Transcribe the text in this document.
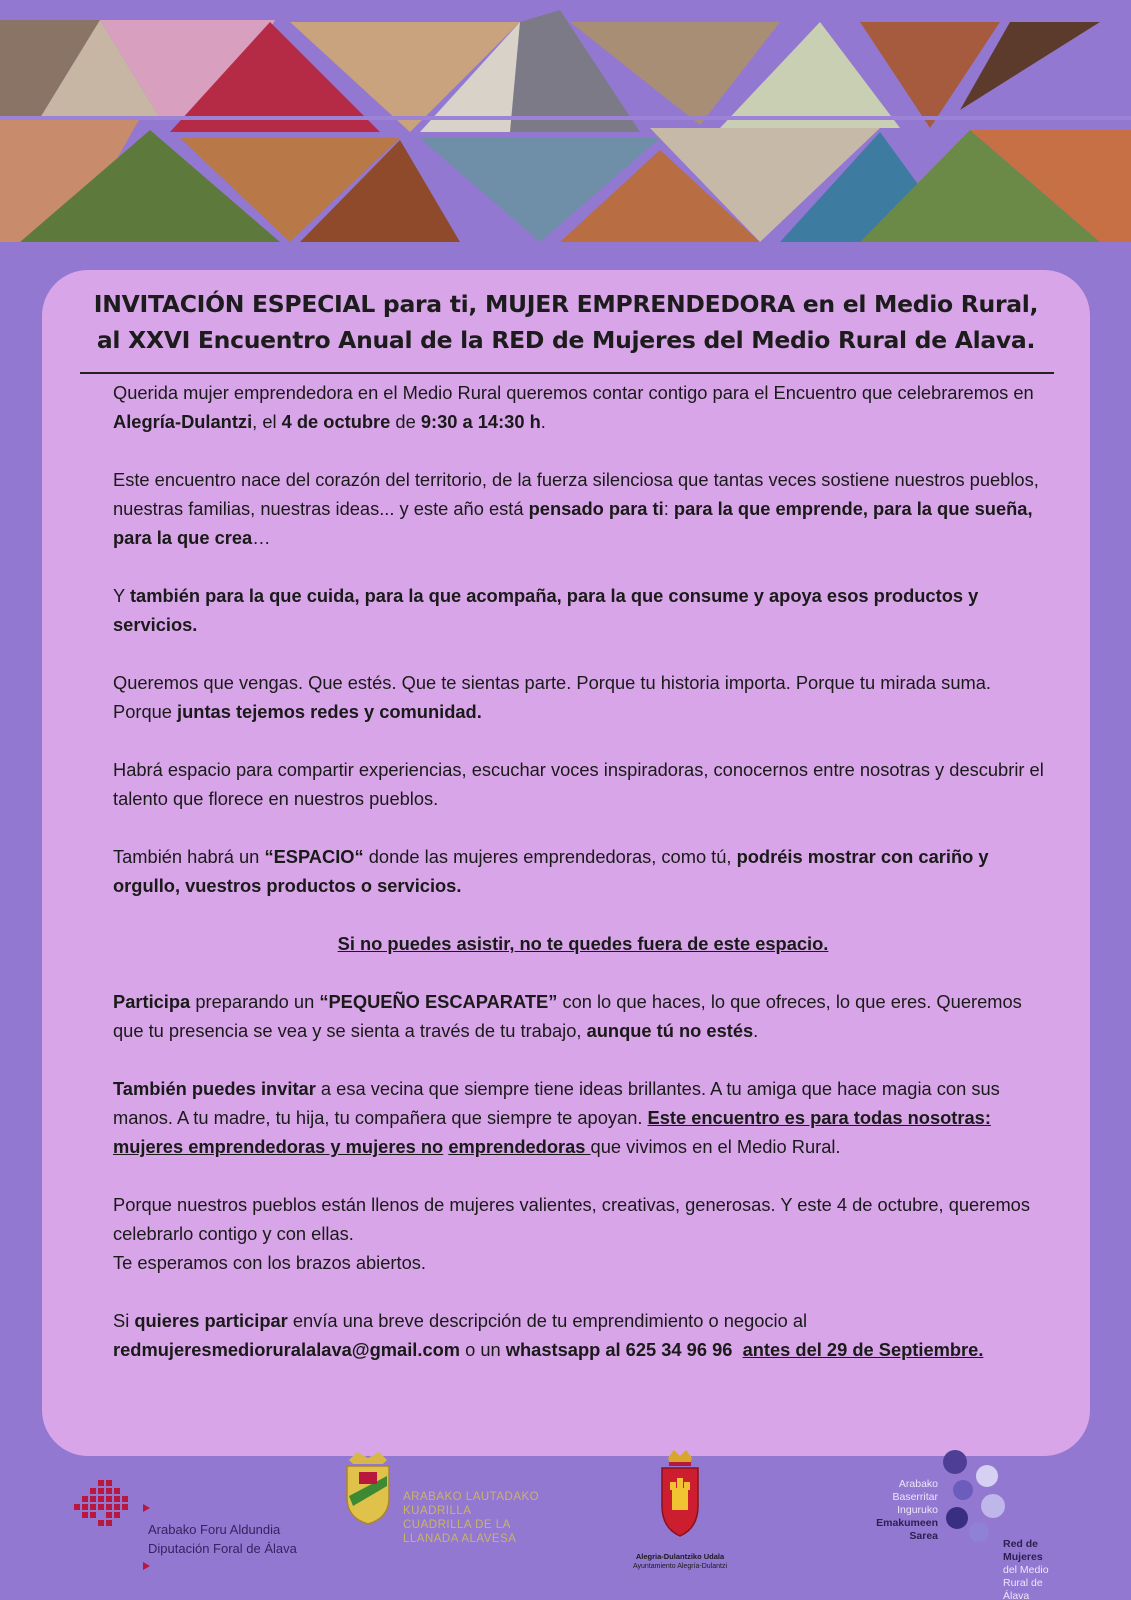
INVITACIÓN ESPECIAL para ti, MUJER EMPRENDEDORA en el Medio Rural,
al XXVI Encuentro Anual de la RED de Mujeres del Medio Rural de Alava.

Querida mujer emprendedora en el Medio Rural queremos contar contigo para el Encuentro que celebraremos en Alegría-Dulantzi, el 4 de octubre de 9:30 a 14:30 h.

Este encuentro nace del corazón del territorio, de la fuerza silenciosa que tantas veces sostiene nuestros pueblos, nuestras familias, nuestras ideas... y este año está pensado para ti: para la que emprende, para la que sueña, para la que crea…

Y también para la que cuida, para la que acompaña, para la que consume y apoya esos productos y servicios.

Queremos que vengas. Que estés. Que te sientas parte. Porque tu historia importa. Porque tu mirada suma. Porque juntas tejemos redes y comunidad.

Habrá espacio para compartir experiencias, escuchar voces inspiradoras, conocernos entre nosotras y descubrir el talento que florece en nuestros pueblos.

También habrá un “ESPACIO“ donde las mujeres emprendedoras, como tú, podréis mostrar con cariño y orgullo, vuestros productos o servicios.

Si no puedes asistir, no te quedes fuera de este espacio.

Participa preparando un “PEQUEÑO ESCAPARATE” con lo que haces, lo que ofreces, lo que eres. Queremos que tu presencia se vea y se sienta a través de tu trabajo, aunque tú no estés.

También puedes invitar a esa vecina que siempre tiene ideas brillantes. A tu amiga que hace magia con sus manos. A tu madre, tu hija, tu compañera que siempre te apoyan. Este encuentro es para todas nosotras: mujeres emprendedoras y mujeres no emprendedoras que vivimos en el Medio Rural.

Porque nuestros pueblos están llenos de mujeres valientes, creativas, generosas. Y este 4 de octubre, queremos celebrarlo contigo y con ellas.
Te esperamos con los brazos abiertos.

Si quieres participar envía una breve descripción de tu emprendimiento o negocio al redmujeresmedioruralalava@gmail.com o un whastsapp al 625 34 96 96 antes del 29 de Septiembre.

Arabako Foru Aldundia
Diputación Foral de Álava
ARABAKO LAUTADAKO
KUADRILLA
CUADRILLA DE LA
LLANADA ALAVESA
Alegria-Dulantziko Udala
Ayuntamiento Alegría-Dulantzi
Arabako
Baserritar
Inguruko
Emakumeen
Sarea
Red de
Mujeres
del Medio
Rural de
Álava
